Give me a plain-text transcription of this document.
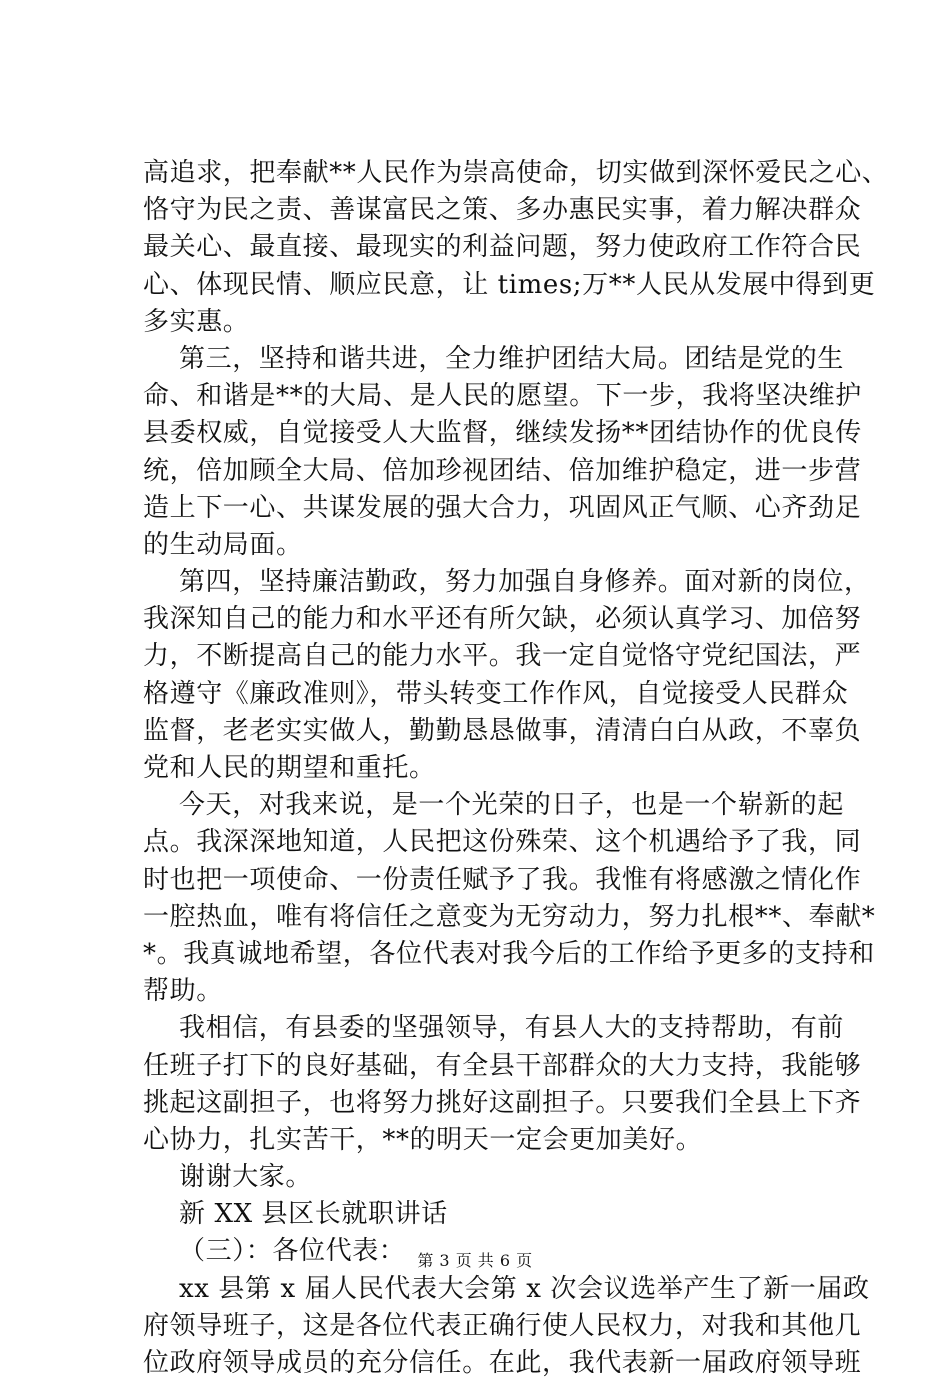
高追求，把奉献**人民作为崇高使命，切实做到深怀爱民之心、
恪守为民之责、善谋富民之策、多办惠民实事，着力解决群众
最关心、最直接、最现实的利益问题，努力使政府工作符合民
心、体现民情、顺应民意，让 times;万**人民从发展中得到更
多实惠。
第三，坚持和谐共进，全力维护团结大局。团结是党的生
命、和谐是**的大局、是人民的愿望。下一步，我将坚决维护
县委权威，自觉接受人大监督，继续发扬**团结协作的优良传
统，倍加顾全大局、倍加珍视团结、倍加维护稳定，进一步营
造上下一心、共谋发展的强大合力，巩固风正气顺、心齐劲足
的生动局面。
第四，坚持廉洁勤政，努力加强自身修养。面对新的岗位，
我深知自己的能力和水平还有所欠缺，必须认真学习、加倍努
力，不断提高自己的能力水平。我一定自觉恪守党纪国法，严
格遵守《廉政准则》，带头转变工作作风，自觉接受人民群众
监督，老老实实做人，勤勤恳恳做事，清清白白从政，不辜负
党和人民的期望和重托。
今天，对我来说，是一个光荣的日子，也是一个崭新的起
点。我深深地知道，人民把这份殊荣、这个机遇给予了我，同
时也把一项使命、一份责任赋予了我。我惟有将感激之情化作
一腔热血，唯有将信任之意变为无穷动力，努力扎根**、奉献*
*。我真诚地希望，各位代表对我今后的工作给予更多的支持和
帮助。
我相信，有县委的坚强领导，有县人大的支持帮助，有前
任班子打下的良好基础，有全县干部群众的大力支持，我能够
挑起这副担子，也将努力挑好这副担子。只要我们全县上下齐
心协力，扎实苦干，**的明天一定会更加美好。
谢谢大家。
新 XX 县区长就职讲话
（三）：各位代表：
xx 县第 x 届人民代表大会第 x 次会议选举产生了新一届政
府领导班子，这是各位代表正确行使人民权力，对我和其他几
位政府领导成员的充分信任。在此，我代表新一届政府领导班
第 3 页 共 6 页
